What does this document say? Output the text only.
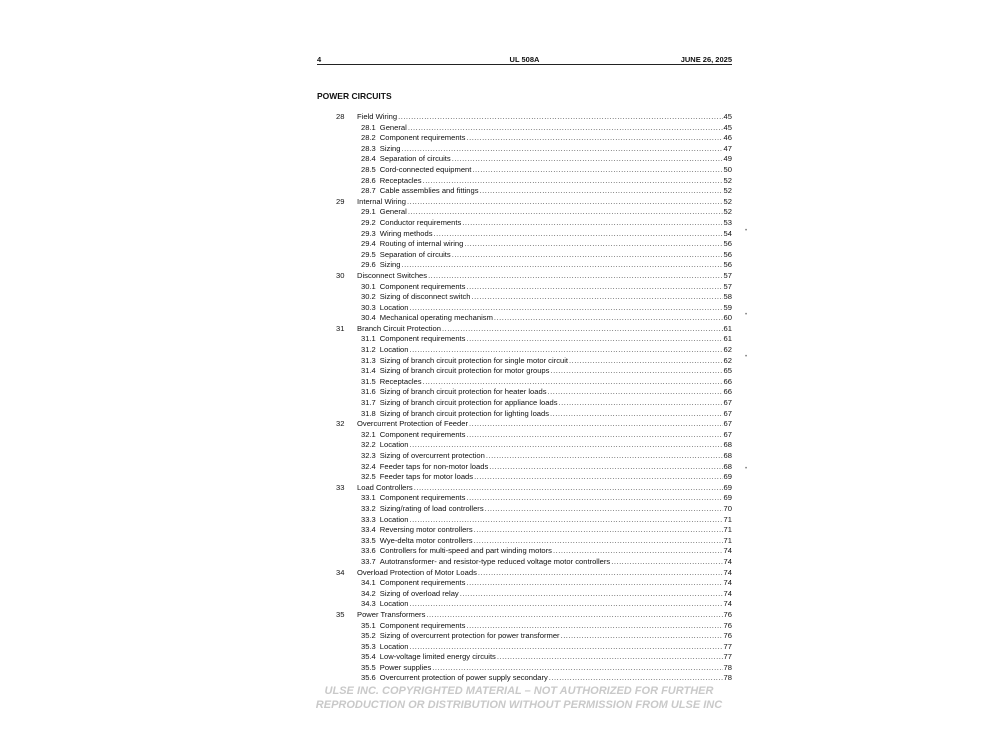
4	UL 508A	JUNE 26, 2025
POWER CIRCUITS
28 Field Wiring .....	45
28.1 General .....	45
28.2 Component requirements .....	46
28.3 Sizing .....	47
28.4 Separation of circuits .....	49
28.5 Cord-connected equipment .....	50
28.6 Receptacles .....	52
28.7 Cable assemblies and fittings .....	52
29 Internal Wiring .....	52
29.1 General .....	52
29.2 Conductor requirements .....	53
29.3 Wiring methods .....	54
29.4 Routing of internal wiring .....	56
29.5 Separation of circuits .....	56
29.6 Sizing .....	56
30 Disconnect Switches .....	57
30.1 Component requirements .....	57
30.2 Sizing of disconnect switch .....	58
30.3 Location .....	59
30.4 Mechanical operating mechanism .....	60
31 Branch Circuit Protection .....	61
31.1 Component requirements .....	61
31.2 Location .....	62
31.3 Sizing of branch circuit protection for single motor circuit .....	62
31.4 Sizing of branch circuit protection for motor groups .....	65
31.5 Receptacles .....	66
31.6 Sizing of branch circuit protection for heater loads .....	66
31.7 Sizing of branch circuit protection for appliance loads .....	67
31.8 Sizing of branch circuit protection for lighting loads .....	67
32 Overcurrent Protection of Feeder .....	67
32.1 Component requirements .....	67
32.2 Location .....	68
32.3 Sizing of overcurrent protection .....	68
32.4 Feeder taps for non-motor loads .....	68
32.5 Feeder taps for motor loads .....	69
33 Load Controllers .....	69
33.1 Component requirements .....	69
33.2 Sizing/rating of load controllers .....	70
33.3 Location .....	71
33.4 Reversing motor controllers .....	71
33.5 Wye-delta motor controllers .....	71
33.6 Controllers for multi-speed and part winding motors .....	74
33.7 Autotransformer- and resistor-type reduced voltage motor controllers .....	74
34 Overload Protection of Motor Loads .....	74
34.1 Component requirements .....	74
34.2 Sizing of overload relay .....	74
34.3 Location .....	74
35 Power Transformers .....	76
35.1 Component requirements .....	76
35.2 Sizing of overcurrent protection for power transformer .....	76
35.3 Location .....	77
35.4 Low-voltage limited energy circuits .....	77
35.5 Power supplies .....	78
35.6 Overcurrent protection of power supply secondary .....	78
ULSE INC. COPYRIGHTED MATERIAL – NOT AUTHORIZED FOR FURTHER
REPRODUCTION OR DISTRIBUTION WITHOUT PERMISSION FROM ULSE INC
•
•
•
•
